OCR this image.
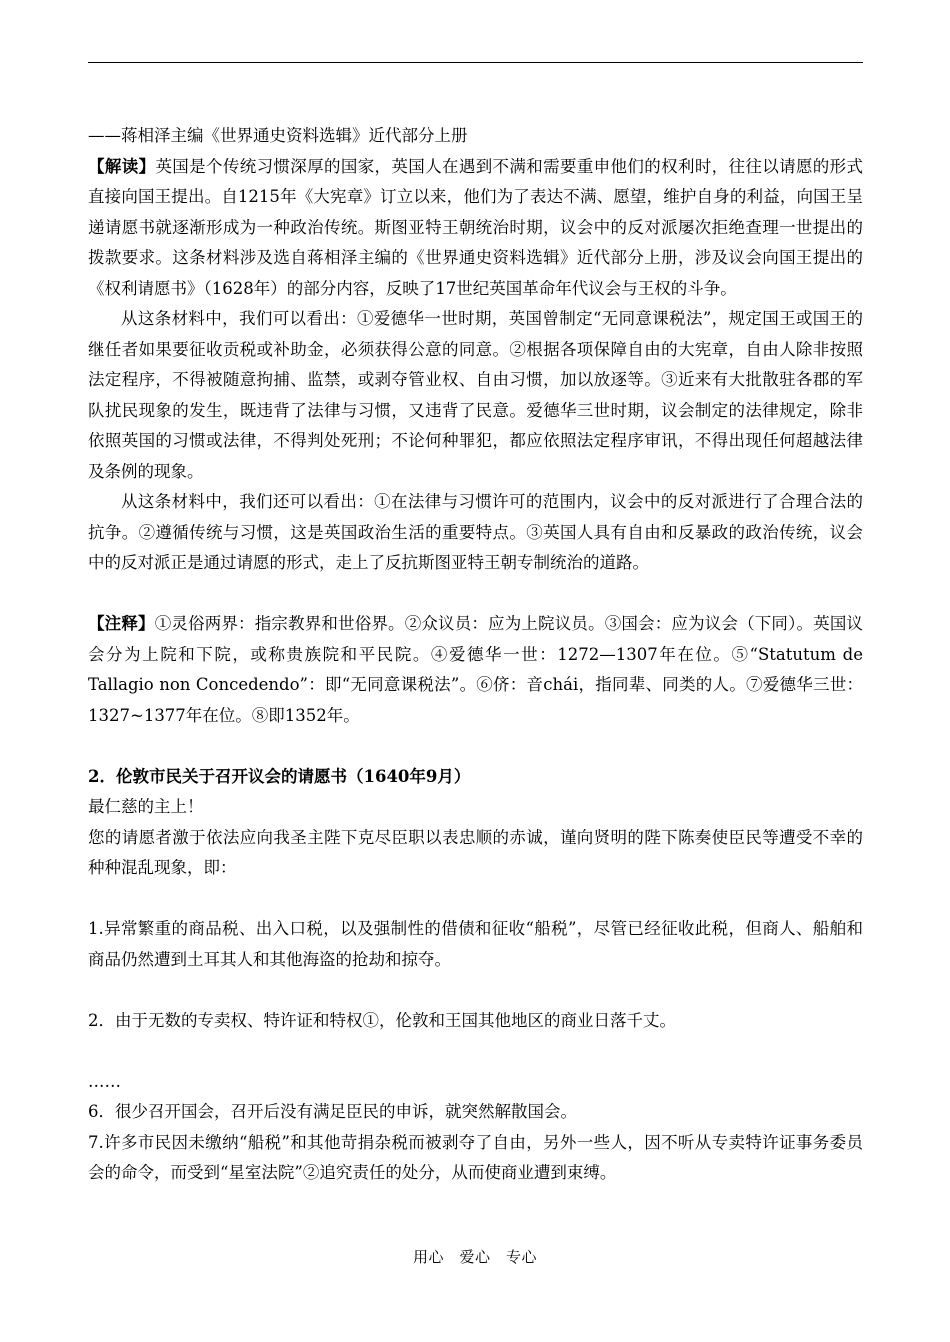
——蒋相泽主编《世界通史资料选辑》近代部分上册

【解读】英国是个传统习惯深厚的国家，英国人在遇到不满和需要重申他们的权利时，往往以请愿的形式直接向国王提出。自1215年《大宪章》订立以来，他们为了表达不满、愿望，维护自身的利益，向国王呈递请愿书就逐渐形成为一种政治传统。斯图亚特王朝统治时期，议会中的反对派屡次拒绝查理一世提出的拨款要求。这条材料涉及选自蒋相泽主编的《世界通史资料选辑》近代部分上册，涉及议会向国王提出的《权利请愿书》（1628年）的部分内容，反映了17世纪英国革命年代议会与王权的斗争。

从这条材料中，我们可以看出：①爱德华一世时期，英国曾制定“无同意课税法”，规定国王或国王的继任者如果要征收贡税或补助金，必须获得公意的同意。②根据各项保障自由的大宪章，自由人除非按照法定程序，不得被随意拘捕、监禁，或剥夺管业权、自由习惯，加以放逐等。③近来有大批散驻各郡的军队扰民现象的发生，既违背了法律与习惯，又违背了民意。爱德华三世时期，议会制定的法律规定，除非依照英国的习惯或法律，不得判处死刑；不论何种罪犯，都应依照法定程序审讯，不得出现任何超越法律及条例的现象。

从这条材料中，我们还可以看出：①在法律与习惯许可的范围内，议会中的反对派进行了合理合法的抗争。②遵循传统与习惯，这是英国政治生活的重要特点。③英国人具有自由和反暴政的政治传统，议会中的反对派正是通过请愿的形式，走上了反抗斯图亚特王朝专制统治的道路。

【注释】①灵俗两界：指宗教界和世俗界。②众议员：应为上院议员。③国会：应为议会（下同）。英国议会分为上院和下院，或称贵族院和平民院。④爱德华一世：1272—1307年在位。⑤“Statutum de Tallagio non Concedendo”：即“无同意课税法”。⑥侪：音chái，指同辈、同类的人。⑦爱德华三世：1327~1377年在位。⑧即1352年。

2．伦敦市民关于召开议会的请愿书（1640年9月）

最仁慈的主上！

您的请愿者激于依法应向我圣主陛下克尽臣职以表忠顺的赤诚，谨向贤明的陛下陈奏使臣民等遭受不幸的种种混乱现象，即：

1.异常繁重的商品税、出入口税，以及强制性的借债和征收“船税”，尽管已经征收此税，但商人、船舶和商品仍然遭到土耳其人和其他海盗的抢劫和掠夺。

2．由于无数的专卖权、特许证和特权①，伦敦和王国其他地区的商业日落千丈。

……

6．很少召开国会，召开后没有满足臣民的申诉，就突然解散国会。

7.许多市民因未缴纳“船税”和其他苛捐杂税而被剥夺了自由，另外一些人，因不听从专卖特许证事务委员会的命令，而受到“星室法院”②追究责任的处分，从而使商业遭到束缚。

用心　爱心　专心
